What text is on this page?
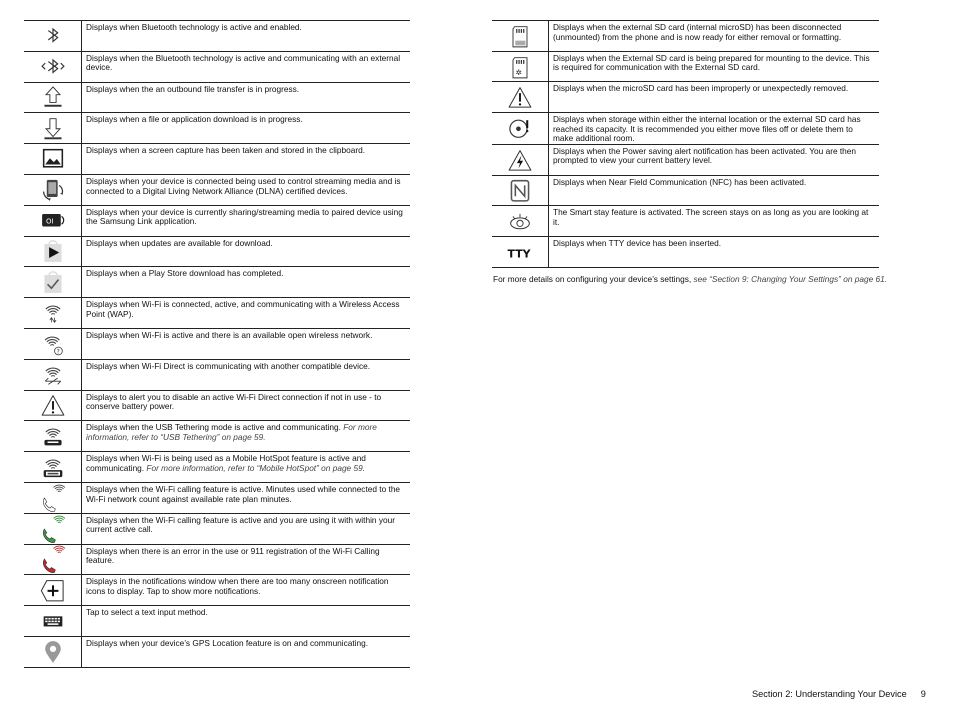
	Displays when Bluetooth technology is active and enabled.

	Displays when the Bluetooth technology is active and communicating with an external device.

	Displays when the an outbound file transfer is in progress.

	Displays when a file or application download is in progress.

	Displays when a screen capture has been taken and stored in the clipboard.

	Displays when your device is connected being used to control streaming media and is connected to a Digital Living Network Alliance (DLNA) certified devices.

OI	Displays when your device is currently sharing/streaming media to paired device using the Samsung Link application.

	Displays when updates are available for download.

	Displays when a Play Store download has completed.

	Displays when Wi-Fi is connected, active, and communicating with a Wireless Access Point (WAP).

?	Displays when Wi-Fi is active and there is an available open wireless network.

	Displays when Wi-Fi Direct is communicating with another compatible device.

	Displays to alert you to disable an active Wi-Fi Direct connection if not in use - to conserve battery power.

	Displays when the USB Tethering mode is active and communicating. For more information, refer to “USB Tethering” on page 59.

	Displays when Wi-Fi is being used as a Mobile HotSpot feature is active and communicating. For more information, refer to “Mobile HotSpot” on page 59.

	Displays when the Wi-Fi calling feature is active. Minutes used while connected to the Wi-Fi network count against available rate plan minutes.

	Displays when the Wi-Fi calling feature is active and you are using it with within your current active call.

	Displays when there is an error in the use or 911 registration of the Wi-Fi Calling feature.

	Displays in the notifications window when there are too many onscreen notification icons to display. Tap to show more notifications.

	Tap to select a text input method.

	Displays when your device’s GPS Location feature is on and communicating.
	Displays when the external SD card (internal microSD) has been disconnected (unmounted) from the phone and is now ready for either removal or formatting.

✲	Displays when the External SD card is being prepared for mounting to the device. This is required for communication with the External SD card.

	Displays when the microSD card has been improperly or unexpectedly removed.

	Displays when storage within either the internal location or the external SD card has reached its capacity. It is recommended you either move files off or delete them to make additional room.

	Displays when the Power saving alert notification has been activated. You are then prompted to view your current battery level.

	Displays when Near Field Communication (NFC) has been activated.

	The Smart stay feature is activated. The screen stays on as long as you are looking at it.

TTY	Displays when TTY device has been inserted.
For more details on configuring your device’s settings, see “Section 9: Changing Your Settings” on page 61.
Section 2: Understanding Your Device 9
